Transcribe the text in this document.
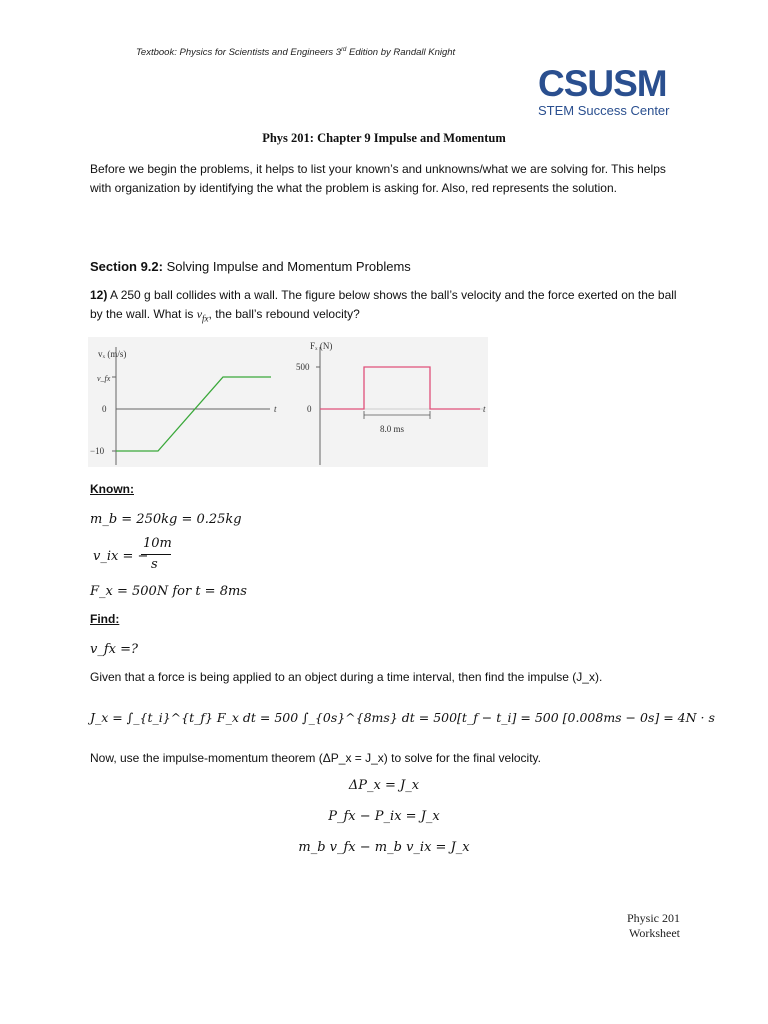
Textbook: Physics for Scientists and Engineers 3rd Edition by Randall Knight
CSUSM
STEM Success Center
Phys 201: Chapter 9 Impulse and Momentum
Before we begin the problems, it helps to list your known’s and unknowns/what we are solving for. This helps with organization by identifying the what the problem is asking for. Also, red represents the solution.
Section 9.2: Solving Impulse and Momentum Problems
12) A 250 g ball collides with a wall. The figure below shows the ball’s velocity and the force exerted on the ball by the wall. What is $v_{fx}$, the ball’s rebound velocity?
vₓ (m/s)
v_fx
0
−10
t
Fₓ (N)
500
0	t
8.0 ms
Known:
m_b = 250kg = 0.25kg
v_ix = −
10m
s
F_x = 500N for t = 8ms
Find:
v_fx =?
Given that a force is being applied to an object during a time interval, then find the impulse (J_x).
J_x = ∫_{t_i}^{t_f} F_x dt = 500 ∫_{0s}^{8ms} dt = 500[t_f − t_i] = 500 [0.008ms − 0s] = 4N · s
Now, use the impulse-momentum theorem (ΔP_x = J_x) to solve for the final velocity.
ΔP_x = J_x
P_fx − P_ix = J_x
m_b v_fx − m_b v_ix = J_x
Physic 201
Worksheet
